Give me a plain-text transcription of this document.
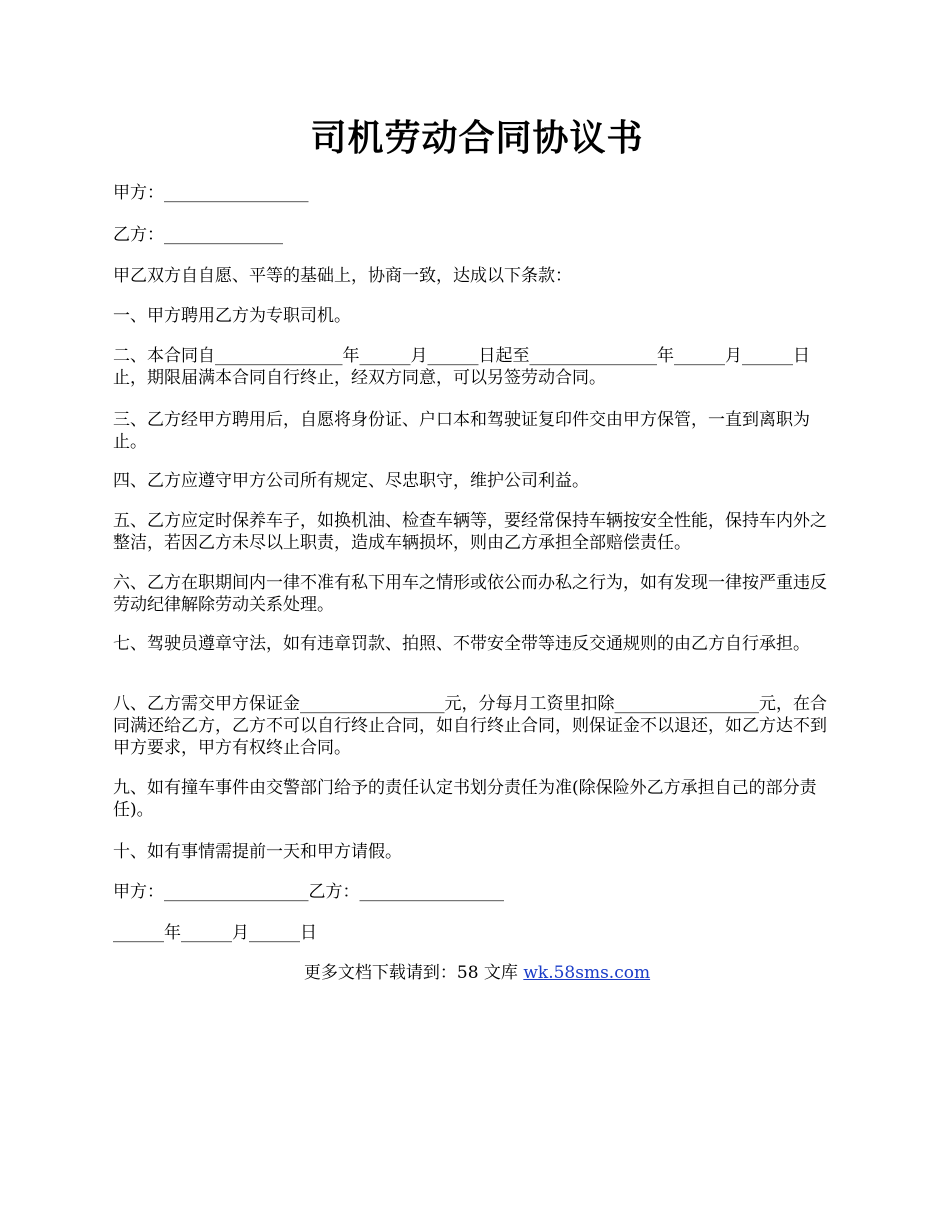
司机劳动合同协议书

甲方：_________________

乙方：______________

甲乙双方自自愿、平等的基础上，协商一致，达成以下条款：

一、甲方聘用乙方为专职司机。

二、本合同自_______________年______月______日起至_______________年______月______日止，期限届满本合同自行终止，经双方同意，可以另签劳动合同。

三、乙方经甲方聘用后，自愿将身份证、户口本和驾驶证复印件交由甲方保管，一直到离职为止。

四、乙方应遵守甲方公司所有规定、尽忠职守，维护公司利益。

五、乙方应定时保养车子，如换机油、检查车辆等，要经常保持车辆按安全性能，保持车内外之整洁，若因乙方未尽以上职责，造成车辆损坏，则由乙方承担全部赔偿责任。

六、乙方在职期间内一律不准有私下用车之情形或依公而办私之行为，如有发现一律按严重违反劳动纪律解除劳动关系处理。

七、驾驶员遵章守法，如有违章罚款、拍照、不带安全带等违反交通规则的由乙方自行承担。

八、乙方需交甲方保证金_________________元，分每月工资里扣除_________________元，在合同满还给乙方，乙方不可以自行终止合同，如自行终止合同，则保证金不以退还，如乙方达不到甲方要求，甲方有权终止合同。

九、如有撞车事件由交警部门给予的责任认定书划分责任为准(除保险外乙方承担自己的部分责任)。

十、如有事情需提前一天和甲方请假。

甲方：_________________乙方：_________________

______年______月______日

更多文档下载请到：58 文库 wk.58sms.com
